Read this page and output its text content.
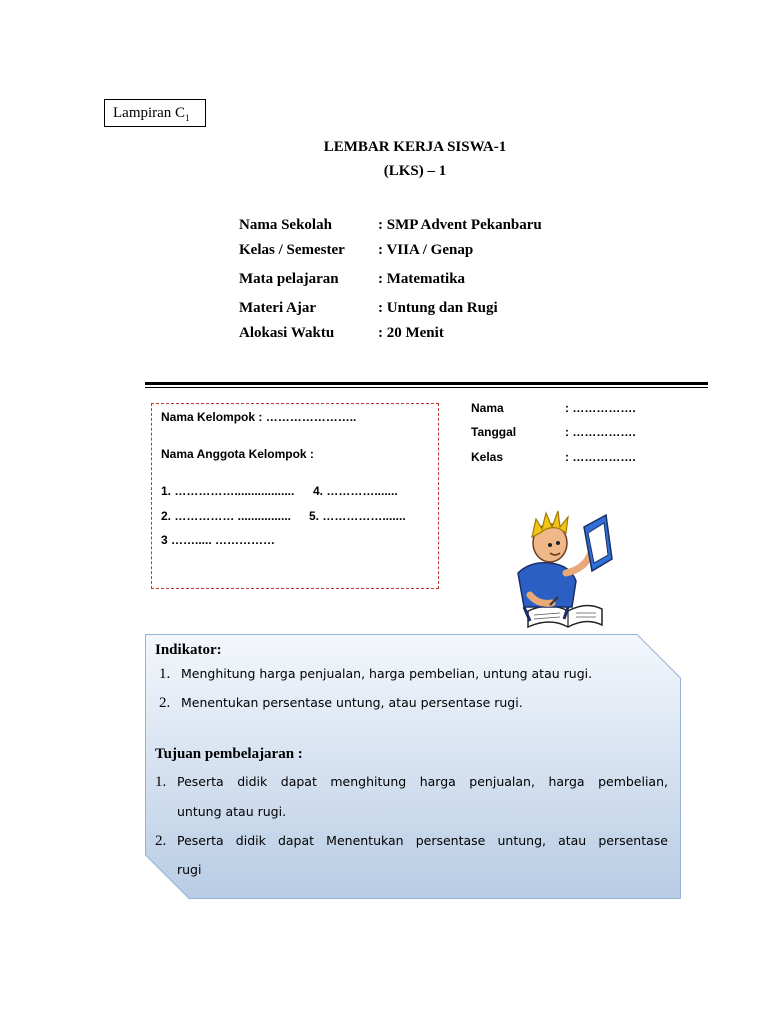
Lampiran $C_1$
LEMBAR KERJA SISWA-1
(LKS) – 1
Nama Sekolah	: SMP Advent Pekanbaru
Kelas / Semester : VIIA / Genap
Mata pelajaran	: Matematika
Materi Ajar	: Untung dan Rugi
Alokasi Waktu	: 20 Menit
Nama Kelompok : …………………..
Nama Anggota Kelompok :
1. …………….................. 4. ………….......
2. …………… ................ 5. …………….......
3 ……..... ……………
Nama	: …………….
Tanggal	: …………….
Kelas	: …………….
Indikator:
1. Menghitung harga penjualan, harga pembelian, untung atau rugi.
2. Menentukan persentase untung, atau persentase rugi.
Tujuan pembelajaran :
1. Peserta didik dapat menghitung harga penjualan, harga pembelian,
untung atau rugi.
2. Peserta didik dapat Menentukan persentase untung, atau persentase
rugi
